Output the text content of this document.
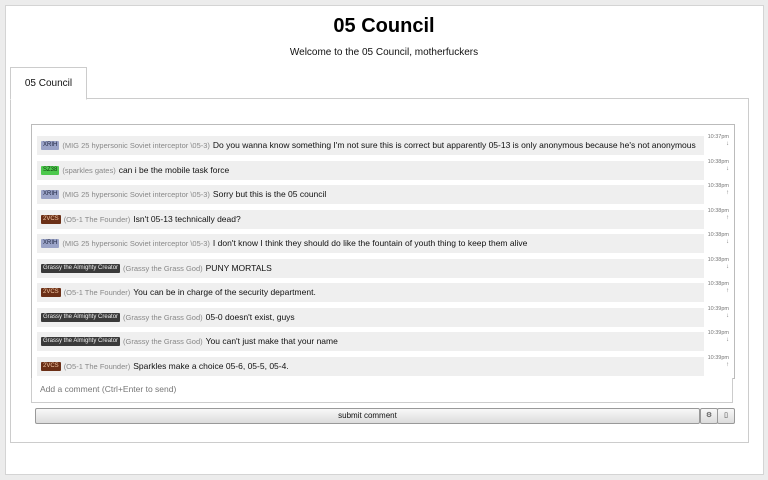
05 Council
Welcome to the 05 Council, motherfuckers
05 Council
XRIH (MIG 25 hypersonic Soviet interceptor \05-3) Do you wanna know something I'm not sure this is correct but apparently 05-13 is only anonymous because he's not anonymous
10:37pm
↓
SZ38 (sparkles gates) can i be the mobile task force
10:38pm
↓
XRIH (MIG 25 hypersonic Soviet interceptor \05-3) Sorry but this is the 05 council
10:38pm
↑
2VCS (O5-1 The Founder) Isn't 05-13 technically dead?
10:38pm
↑
XRIH (MIG 25 hypersonic Soviet interceptor \05-3) I don't know I think they should do like the fountain of youth thing to keep them alive
10:38pm
↓
Grassy the Almighty Creator (Grassy the Grass God) PUNY MORTALS
10:38pm
↓
2VCS (O5-1 The Founder) You can be in charge of the security department.
10:38pm
↑
Grassy the Almighty Creator (Grassy the Grass God) 05-0 doesn't exist, guys
10:39pm
↓
Grassy the Almighty Creator (Grassy the Grass God) You can't just make that your name
10:39pm
↓
2VCS (O5-1 The Founder) Sparkles make a choice 05-6, 05-5, 05-4.
10:39pm
↑
Add a comment (Ctrl+Enter to send)
submit comment	⚙	▯
